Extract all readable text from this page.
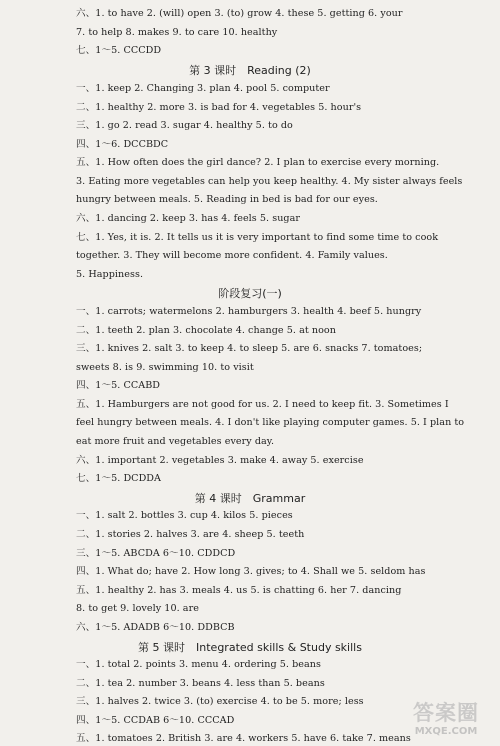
六、1. to have 2. (will) open 3. (to) grow 4. these 5. getting 6. your
7. to help 8. makes 9. to care 10. healthy
七、1～5. CCCDD
第 3 课时　Reading (2)
一、1. keep 2. Changing 3. plan 4. pool 5. computer
二、1. healthy 2. more 3. is bad for 4. vegetables 5. hour's
三、1. go 2. read 3. sugar 4. healthy 5. to do
四、1～6. DCCBDC
五、1. How often does the girl dance? 2. I plan to exercise every morning.
3. Eating more vegetables can help you keep healthy. 4. My sister always feels
hungry between meals. 5. Reading in bed is bad for our eyes.
六、1. dancing 2. keep 3. has 4. feels 5. sugar
七、1. Yes, it is. 2. It tells us it is very important to find some time to cook
together. 3. They will become more confident. 4. Family values.
5. Happiness.
阶段复习(一)
一、1. carrots; watermelons 2. hamburgers 3. health 4. beef 5. hungry
二、1. teeth 2. plan 3. chocolate 4. change 5. at noon
三、1. knives 2. salt 3. to keep 4. to sleep 5. are 6. snacks 7. tomatoes;
sweets 8. is 9. swimming 10. to visit
四、1～5. CCABD
五、1. Hamburgers are not good for us. 2. I need to keep fit. 3. Sometimes I
feel hungry between meals. 4. I don't like playing computer games. 5. I plan to
eat more fruit and vegetables every day.
六、1. important 2. vegetables 3. make 4. away 5. exercise
七、1～5. DCDDA
第 4 课时　Grammar
一、1. salt 2. bottles 3. cup 4. kilos 5. pieces
二、1. stories 2. halves 3. are 4. sheep 5. teeth
三、1～5. ABCDA 6～10. CDDCD
四、1. What do; have 2. How long 3. gives; to 4. Shall we 5. seldom has
五、1. healthy 2. has 3. meals 4. us 5. is chatting 6. her 7. dancing
8. to get 9. lovely 10. are
六、1～5. ADADB 6～10. DDBCB
第 5 课时　Integrated skills & Study skills
一、1. total 2. points 3. menu 4. ordering 5. beans
二、1. tea 2. number 3. beans 4. less than 5. beans
三、1. halves 2. twice 3. (to) exercise 4. to be 5. more; less
四、1～5. CCDAB 6～10. CCCAD
五、1. tomatoes 2. British 3. are 4. workers 5. have 6. take 7. means
答案圈
MXQE.COM
